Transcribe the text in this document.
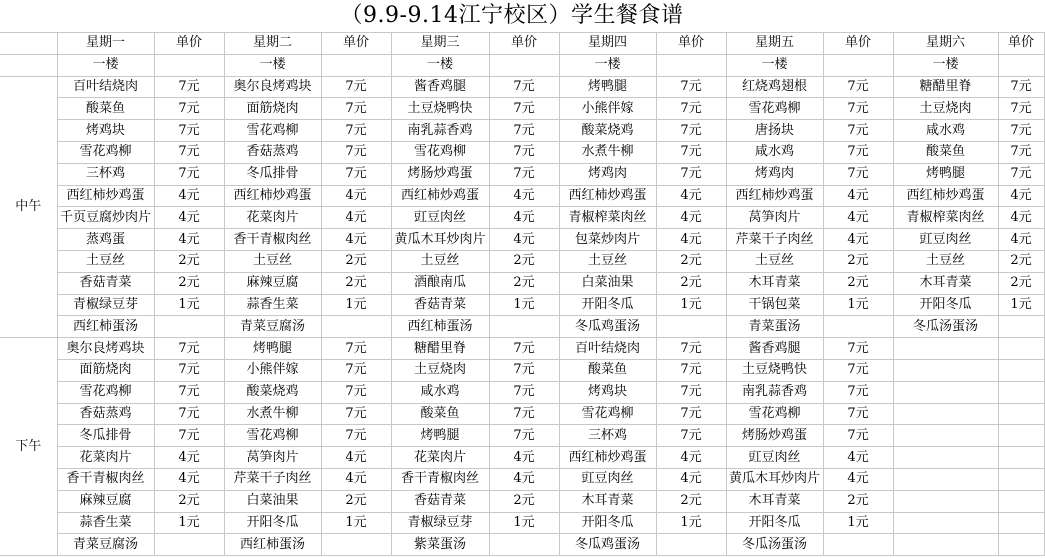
（9.9-9.14江宁校区）学生餐食谱
	星期一	单价	星期二	单价	星期三	单价	星期四	单价	星期五	单价	星期六	单价
	一楼		一楼		一楼		一楼		一楼		一楼	
中午	百叶结烧肉	7元	奥尔良烤鸡块	7元	酱香鸡腿	7元	烤鸭腿	7元	红烧鸡翅根	7元	糖醋里脊	7元
	酸菜鱼	7元	面筋烧肉	7元	土豆烧鸭快	7元	小熊伴嫁	7元	雪花鸡柳	7元	土豆烧肉	7元
	烤鸡块	7元	雪花鸡柳	7元	南乳蒜香鸡	7元	酸菜烧鸡	7元	唐扬块	7元	咸水鸡	7元
	雪花鸡柳	7元	香菇蒸鸡	7元	雪花鸡柳	7元	水煮牛柳	7元	咸水鸡	7元	酸菜鱼	7元
	三杯鸡	7元	冬瓜排骨	7元	烤肠炒鸡蛋	7元	烤鸡肉	7元	烤鸡肉	7元	烤鸭腿	7元
	西红柿炒鸡蛋	4元	西红柿炒鸡蛋	4元	西红柿炒鸡蛋	4元	西红柿炒鸡蛋	4元	西红柿炒鸡蛋	4元	西红柿炒鸡蛋	4元
	千页豆腐炒肉片	4元	花菜肉片	4元	豇豆肉丝	4元	青椒榨菜肉丝	4元	莴笋肉片	4元	青椒榨菜肉丝	4元
	蒸鸡蛋	4元	香干青椒肉丝	4元	黄瓜木耳炒肉片	4元	包菜炒肉片	4元	芹菜干子肉丝	4元	豇豆肉丝	4元
	土豆丝	2元	土豆丝	2元	土豆丝	2元	土豆丝	2元	土豆丝	2元	土豆丝	2元
	香菇青菜	2元	麻辣豆腐	2元	酒酿南瓜	2元	白菜油果	2元	木耳青菜	2元	木耳青菜	2元
	青椒绿豆芽	1元	蒜香生菜	1元	香菇青菜	1元	开阳冬瓜	1元	干锅包菜	1元	开阳冬瓜	1元
	西红柿蛋汤		青菜豆腐汤		西红柿蛋汤		冬瓜鸡蛋汤		青菜蛋汤		冬瓜汤蛋汤	
下午	奥尔良烤鸡块	7元	烤鸭腿	7元	糖醋里脊	7元	百叶结烧肉	7元	酱香鸡腿	7元		
	面筋烧肉	7元	小熊伴嫁	7元	土豆烧肉	7元	酸菜鱼	7元	土豆烧鸭快	7元		
	雪花鸡柳	7元	酸菜烧鸡	7元	咸水鸡	7元	烤鸡块	7元	南乳蒜香鸡	7元		
	香菇蒸鸡	7元	水煮牛柳	7元	酸菜鱼	7元	雪花鸡柳	7元	雪花鸡柳	7元		
	冬瓜排骨	7元	雪花鸡柳	7元	烤鸭腿	7元	三杯鸡	7元	烤肠炒鸡蛋	7元		
	花菜肉片	4元	莴笋肉片	4元	花菜肉片	4元	西红柿炒鸡蛋	4元	豇豆肉丝	4元		
	香干青椒肉丝	4元	芹菜干子肉丝	4元	香干青椒肉丝	4元	豇豆肉丝	4元	黄瓜木耳炒肉片	4元		
	麻辣豆腐	2元	白菜油果	2元	香菇青菜	2元	木耳青菜	2元	木耳青菜	2元		
	蒜香生菜	1元	开阳冬瓜	1元	青椒绿豆芽	1元	开阳冬瓜	1元	开阳冬瓜	1元		
	青菜豆腐汤		西红柿蛋汤		紫菜蛋汤		冬瓜鸡蛋汤		冬瓜汤蛋汤			
